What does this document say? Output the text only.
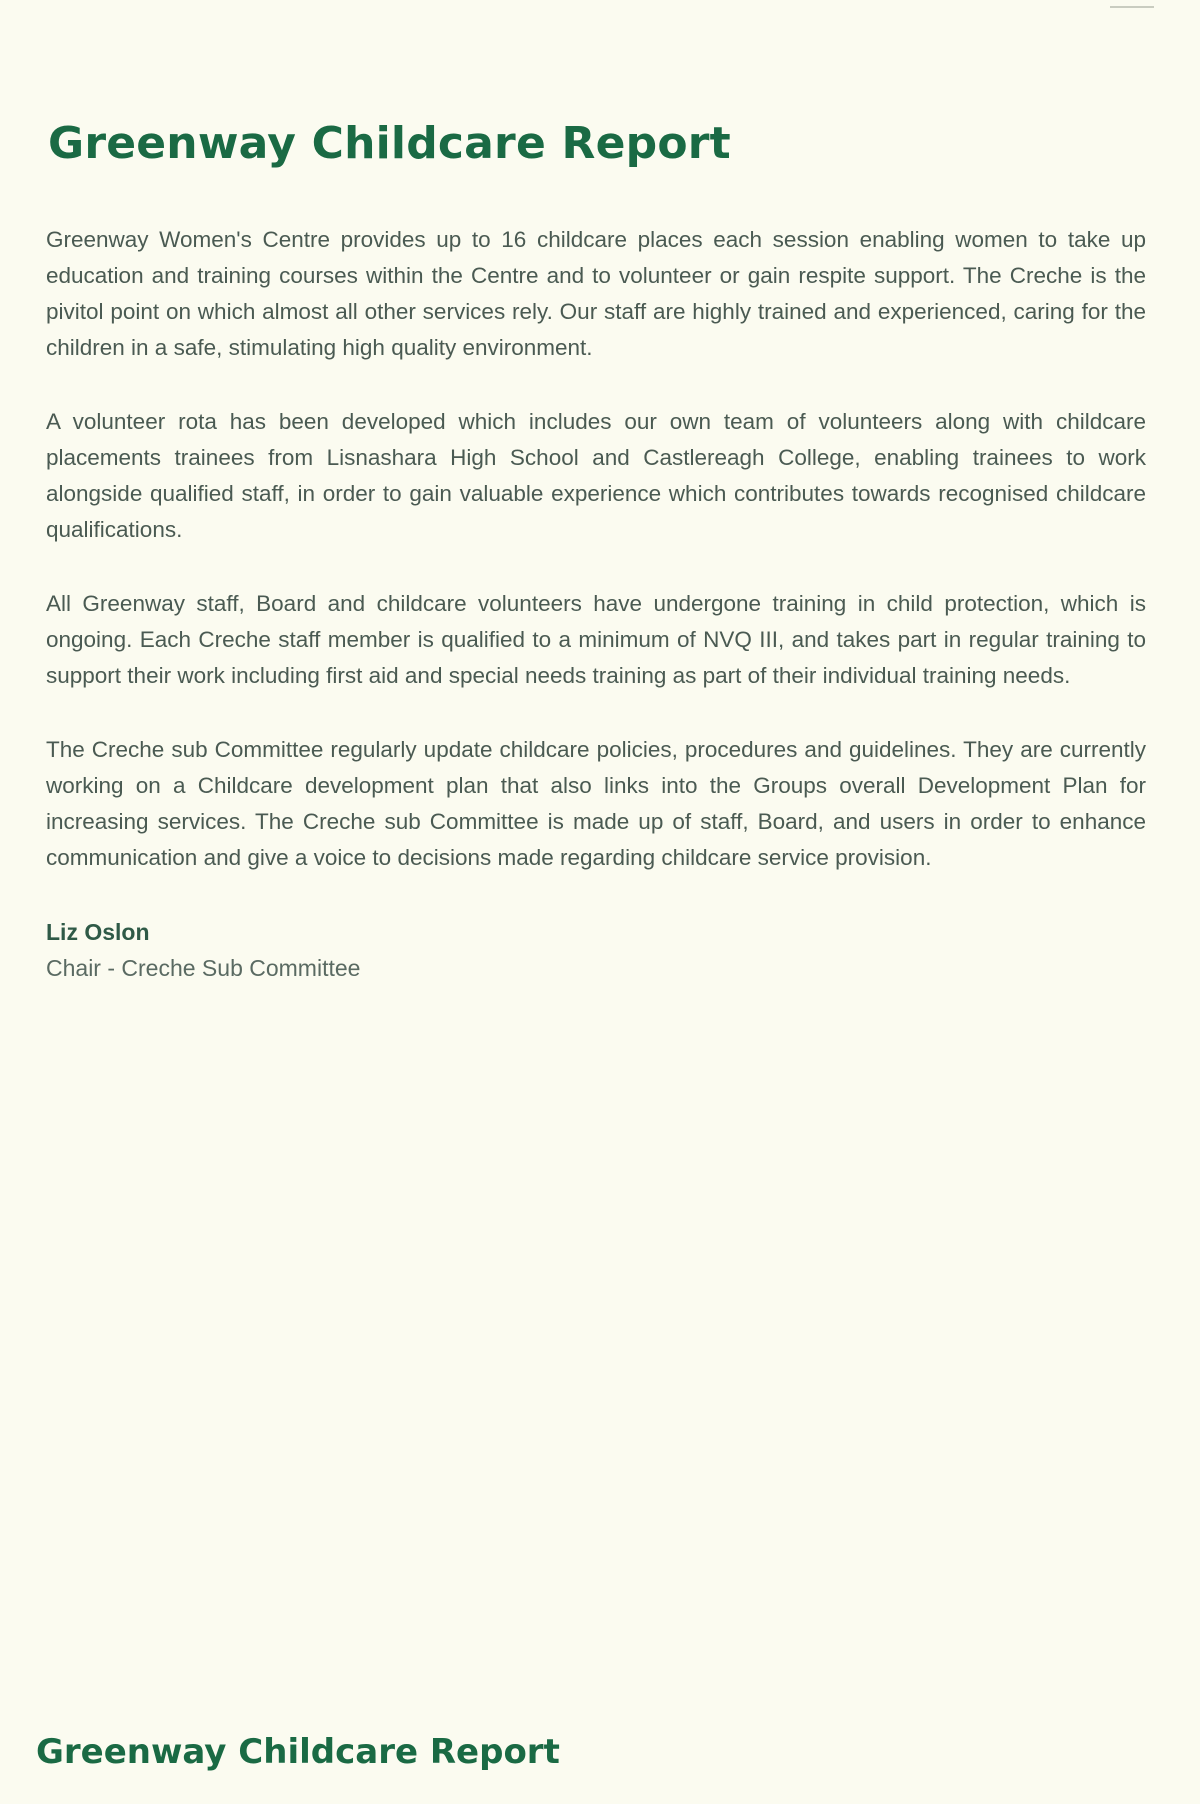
Greenway Childcare Report

Greenway Women's Centre provides up to 16 childcare places each session enabling women to take up education and training courses within the Centre and to volunteer or gain respite support. The Creche is the pivitol point on which almost all other services rely. Our staff are highly trained and experienced, caring for the children in a safe, stimulating high quality environment.

A volunteer rota has been developed which includes our own team of volunteers along with childcare placements trainees from Lisnashara High School and Castlereagh College, enabling trainees to work alongside qualified staff, in order to gain valuable experience which contributes towards recognised childcare qualifications.

All Greenway staff, Board and childcare volunteers have undergone training in child protection, which is ongoing. Each Creche staff member is qualified to a minimum of NVQ III, and takes part in regular training to support their work including first aid and special needs training as part of their individual training needs.

The Creche sub Committee regularly update childcare policies, procedures and guidelines. They are currently working on a Childcare development plan that also links into the Groups overall Development Plan for increasing services. The Creche sub Committee is made up of staff, Board, and users in order to enhance communication and give a voice to decisions made regarding childcare service provision.

Liz Oslon
Chair - Creche Sub Committee
Greenway Childcare Report
